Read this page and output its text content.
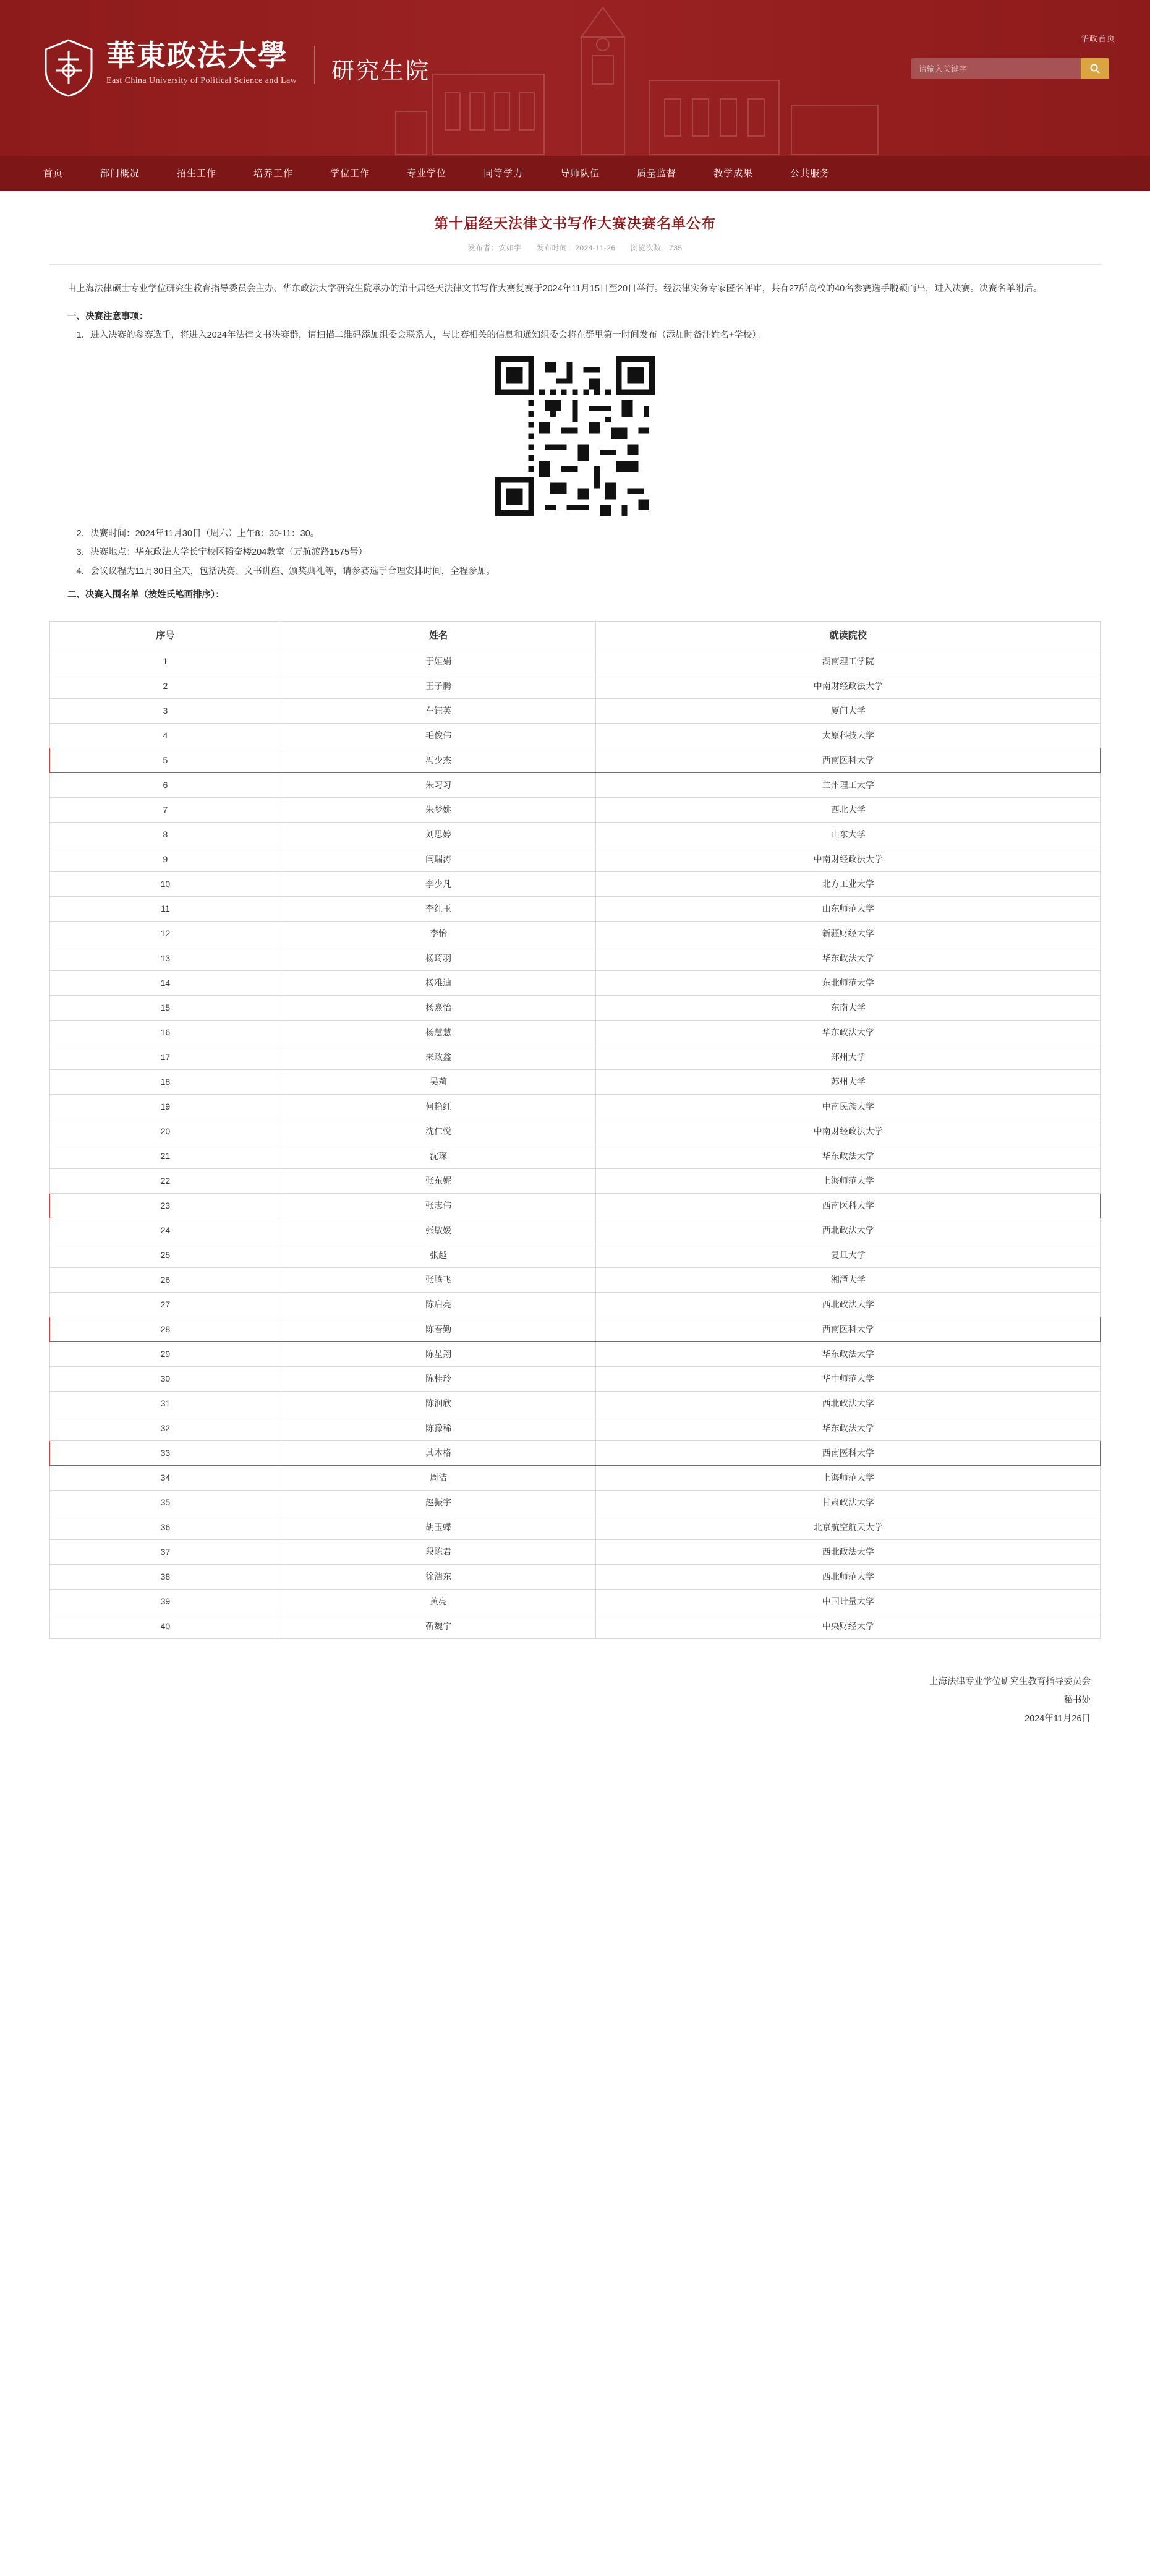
華東政法大學
East China University of Political Science and Law 研究生院
华政首页
请输入关键字
首页	部门概况	招生工作	培养工作	学位工作	专业学位	同等学力	导师队伍	质量监督	教学成果	公共服务
第十届经天法律文书写作大赛决赛名单公布
发布者：安如宇 发布时间：2024-11-26 浏览次数：735

由上海法律硕士专业学位研究生教育指导委员会主办、华东政法大学研究生院承办的第十届经天法律文书写作大赛复赛于2024年11月15日至20日举行。经法律实务专家匿名评审，共有27所高校的40名参赛选手脱颖而出，进入决赛。决赛名单附后。

一、决赛注意事项：
1．进入决赛的参赛选手，将进入2024年法律文书决赛群，请扫描二维码添加组委会联系人，与比赛相关的信息和通知组委会将在群里第一时间发布（添加时备注姓名+学校）。
2．决赛时间：2024年11月30日（周六）上午8：30-11：30。
3．决赛地点：华东政法大学长宁校区韬奋楼204教室（万航渡路1575号）
4．会议议程为11月30日全天，包括决赛、文书讲座、颁奖典礼等，请参赛选手合理安排时间，全程参加。
二、决赛入围名单（按姓氏笔画排序）：
序号	姓名	就读院校
1	于姮娟	湖南理工学院
2	王子腾	中南财经政法大学
3	车钰英	厦门大学
4	毛俊伟	太原科技大学
5	冯少杰	西南医科大学
6	朱习习	兰州理工大学
7	朱梦姚	西北大学
8	刘思婷	山东大学
9	闫瑞涛	中南财经政法大学
10	李少凡	北方工业大学
11	李红玉	山东师范大学
12	李怡	新疆财经大学
13	杨琦羽	华东政法大学
14	杨雅迪	东北师范大学
15	杨熹怡	东南大学
16	杨慧慧	华东政法大学
17	来政鑫	郑州大学
18	吴莉	苏州大学
19	何艳红	中南民族大学
20	沈仁悦	中南财经政法大学
21	沈琛	华东政法大学
22	张东妮	上海师范大学
23	张志伟	西南医科大学
24	张敏媛	西北政法大学
25	张越	复旦大学
26	张腾飞	湘潭大学
27	陈启亮	西北政法大学
28	陈春勤	西南医科大学
29	陈星翔	华东政法大学
30	陈桂玲	华中师范大学
31	陈润欣	西北政法大学
32	陈豫稀	华东政法大学
33	其木格	西南医科大学
34	周洁	上海师范大学
35	赵振宇	甘肃政法大学
36	胡玉蝶	北京航空航天大学
37	段陈君	西北政法大学
38	徐浩东	西北师范大学
39	黄亮	中国计量大学
40	靳魏宁	中央财经大学
上海法律专业学位研究生教育指导委员会
秘书处
2024年11月26日
